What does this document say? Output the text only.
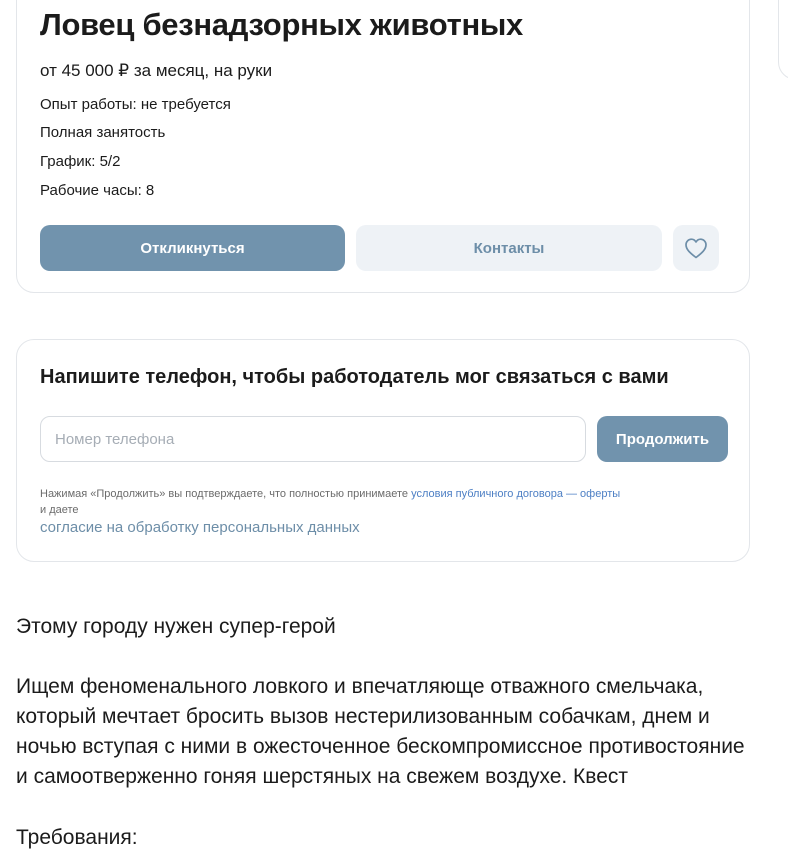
Ловец безнадзорных животных
от 45 000 ₽ за месяц, на руки
Опыт работы: не требуется
Полная занятость
График: 5/2
Рабочие часы: 8
Откликнуться	Контакты
Напишите телефон, чтобы работодатель мог связаться с вами
Номер телефона
Продолжить
Нажимая «Продолжить» вы подтверждаете, что полностью принимаете условия публичного договора — оферты
и даете
согласие на обработку персональных данных
Этому городу нужен супер-герой
Ищем феноменального ловкого и впечатляюще отважного смельчака, который мечтает бросить вызов нестерилизованным собачкам, днем и ночью вступая с ними в ожесточенное бескомпромиссное противостояние и самоотверженно гоняя шерстяных на свежем воздухе. Квест
Требования:
